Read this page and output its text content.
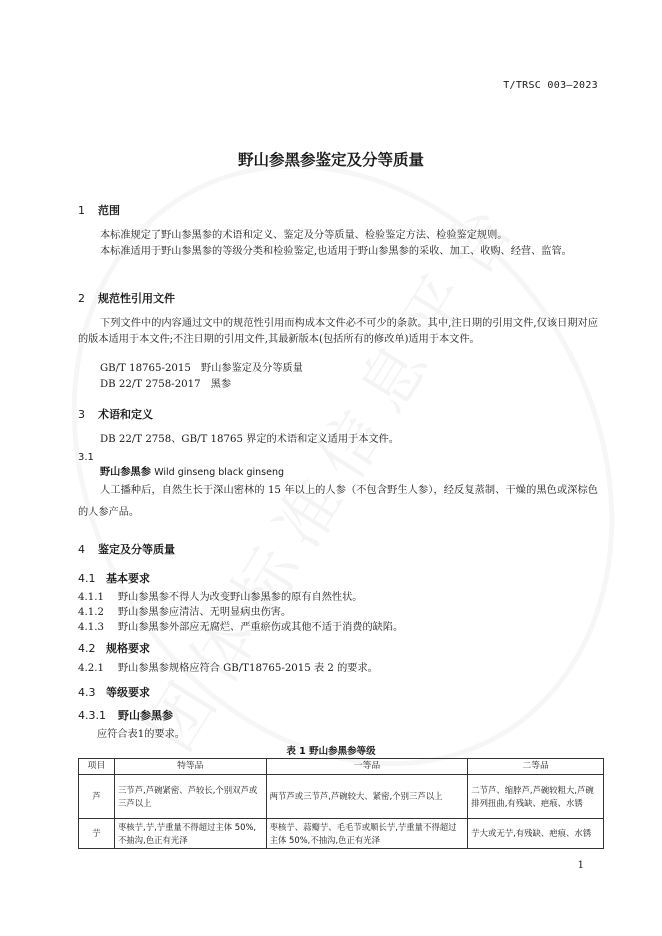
T/TRSC 003—2023
野山参黑参鉴定及分等质量
1 范围
本标准规定了野山参黑参的术语和定义、鉴定及分等质量、检验鉴定方法、检验鉴定规则。
本标准适用于野山参黑参的等级分类和检验鉴定,也适用于野山参黑参的采收、加工、收购、经营、监管。
2 规范性引用文件
下列文件中的内容通过文中的规范性引用而构成本文件必不可少的条款。其中,注日期的引用文件,仅该日期对应的版本适用于本文件;不注日期的引用文件,其最新版本(包括所有的修改单)适用于本文件。
GB/T 18765-2015　野山参鉴定及分等质量
DB 22/T 2758-2017　黑参
3 术语和定义
DB 22/T 2758、GB/T 18765 界定的术语和定义适用于本文件。
3.1
野山参黑参 Wild ginseng black ginseng
人工播种后，自然生长于深山密林的 15 年以上的人参（不包含野生人参），经反复蒸制、干燥的黑色或深棕色的人参产品。
4 鉴定及分等质量
4.1 基本要求
4.1.1 野山参黑参不得人为改变野山参黑参的原有自然性状。
4.1.2 野山参黑参应清洁、无明显病虫伤害。
4.1.3 野山参黑参外部应无腐烂、严重瘀伤或其他不适于消费的缺陷。
4.2 规格要求
4.2.1 野山参黑参规格应符合 GB/T18765-2015 表 2 的要求。
4.3 等级要求
4.3.1 野山参黑参
应符合表1的要求。
表 1 野山参黑参等级
项目	特等品	一等品	二等品
芦	三节芦,芦碗紧密、芦较长,个别双芦或三芦以上	两节芦或三节芦,芦碗较大、紧密,个别三芦以上	二节芦、缩脖芦,芦碗较粗大,芦碗排列扭曲,有残缺、疤痕、水锈
艼	枣核艼,艼,艼重量不得超过主体 50%,不抽沟,色正有光泽	枣核艼、蒜瓣艼、毛毛节或顺长艼,艼重量不得超过主体 50%,不抽沟,色正有光泽	艼大或无艼,有残缺、疤痕、水锈
1
